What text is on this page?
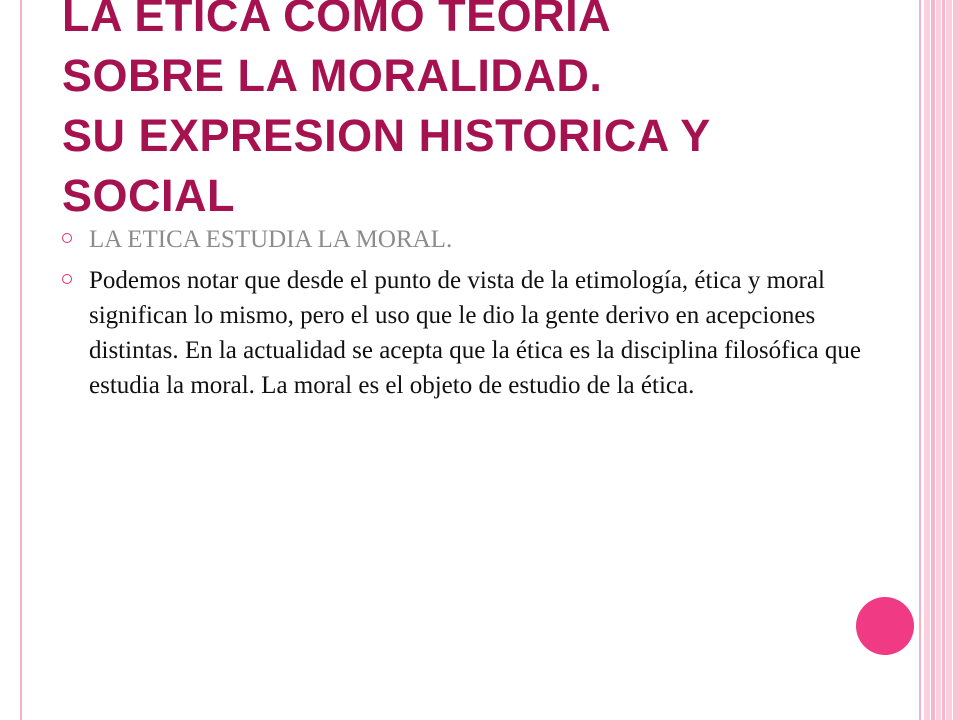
LA ETICA COMO TEORIA
SOBRE LA MORALIDAD.
SU EXPRESION HISTORICA Y
SOCIAL
LA ETICA ESTUDIA LA MORAL.
Podemos notar que desde el punto de vista de la etimología, ética y moral significan lo mismo, pero el uso que le dio la gente derivo en acepciones distintas. En la actualidad se acepta que la ética es la disciplina filosófica que estudia la moral. La moral es el objeto de estudio de la ética.
